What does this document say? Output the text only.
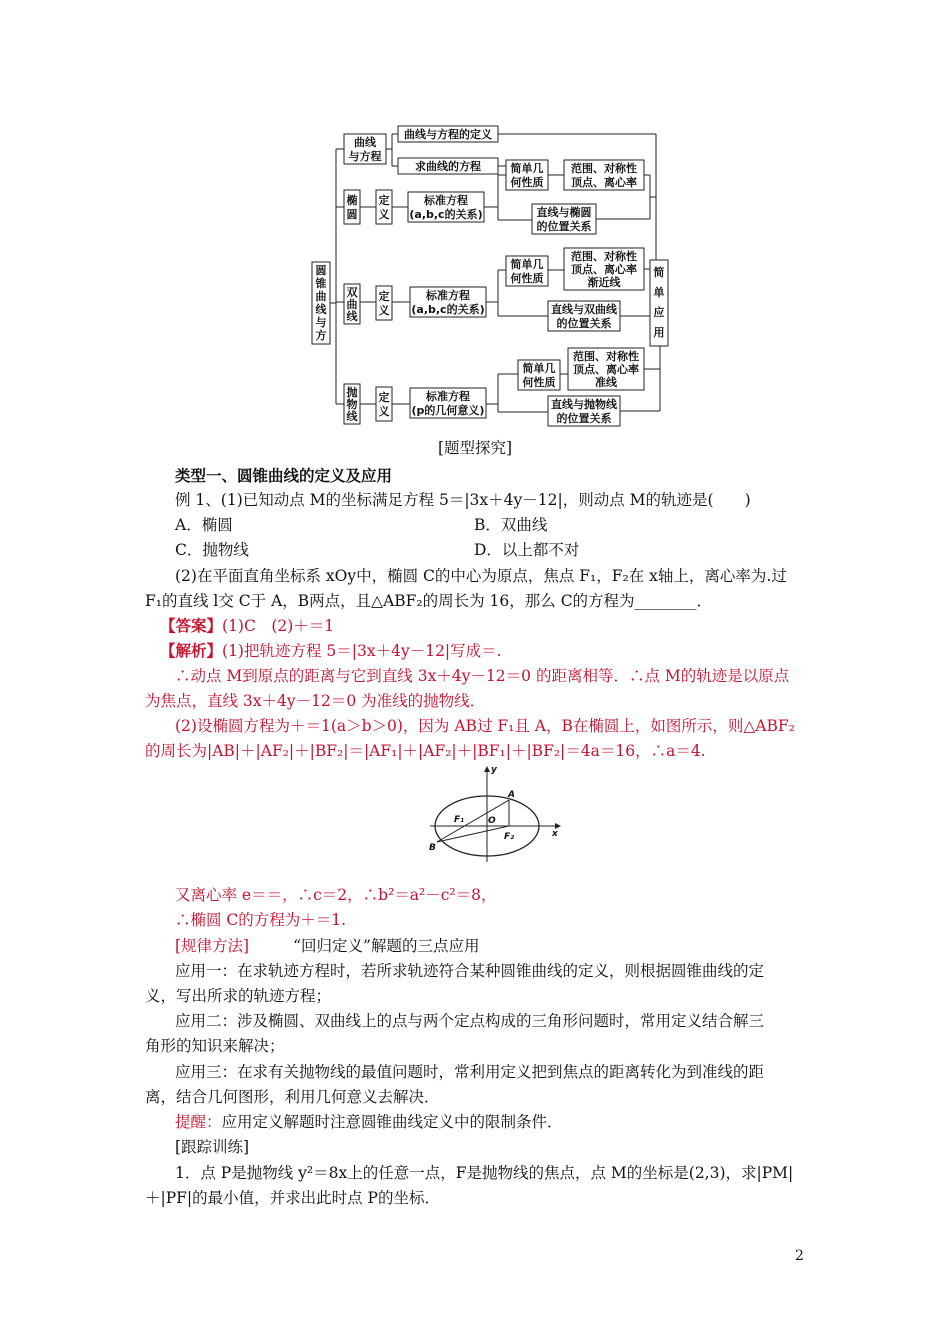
圆
锥
曲
线
与
方
曲线
与方程
曲线与方程的定义
求曲线的方程
椭
圆
定
义
标准方程
(a,b,c的关系)
简单几
何性质
范围、对称性
顶点、离心率
直线与椭圆
的位置关系
双
曲
线
定
义
标准方程
(a,b,c的关系)
简单几
何性质
范围、对称性
顶点、离心率
渐近线
直线与双曲线
的位置关系
抛
物
线
定
义
标准方程
(p的几何意义)
简单几
何性质
范围、对称性
顶点、离心率
准线
直线与抛物线
的位置关系
简
单
应
用
[题型探究]
类型一、圆锥曲线的定义及应用
例 1、(1)已知动点 M的坐标满足方程 5＝|3x＋4y－12|，则动点 M的轨迹是(　　)
A．椭圆	B．双曲线
C．抛物线	D．以上都不对
(2)在平面直角坐标系 xOy中，椭圆 C的中心为原点，焦点 F₁，F₂在 x轴上，离心率为.过
F₁的直线 l交 C于 A，B两点，且△ABF₂的周长为 16，那么 C的方程为________．
【答案】(1)C　(2)＋＝1
【解析】(1)把轨迹方程 5＝|3x＋4y－12|写成＝.
∴动点 M到原点的距离与它到直线 3x＋4y－12＝0 的距离相等．∴点 M的轨迹是以原点
为焦点，直线 3x＋4y－12＝0 为准线的抛物线．
(2)设椭圆方程为＋＝1(a＞b＞0)，因为 AB过 F₁且 A，B在椭圆上，如图所示，则△ABF₂
的周长为|AB|＋|AF₂|＋|BF₂|＝|AF₁|＋|AF₂|＋|BF₁|＋|BF₂|＝4a＝16，∴a＝4.
y
x
A
B
O
F₁
F₂
又离心率 e＝＝，∴c＝2，∴b²＝a²－c²＝8，
∴椭圆 C的方程为＋＝1.
[规律方法]	“回归定义”解题的三点应用
应用一：在求轨迹方程时，若所求轨迹符合某种圆锥曲线的定义，则根据圆锥曲线的定
义，写出所求的轨迹方程；
应用二：涉及椭圆、双曲线上的点与两个定点构成的三角形问题时，常用定义结合解三
角形的知识来解决；
应用三：在求有关抛物线的最值问题时，常利用定义把到焦点的距离转化为到准线的距
离，结合几何图形，利用几何意义去解决．
提醒：应用定义解题时注意圆锥曲线定义中的限制条件．
[跟踪训练]
1．点 P是抛物线 y²＝8x上的任意一点，F是抛物线的焦点，点 M的坐标是(2,3)，求|PM|
＋|PF|的最小值，并求出此时点 P的坐标．
2
